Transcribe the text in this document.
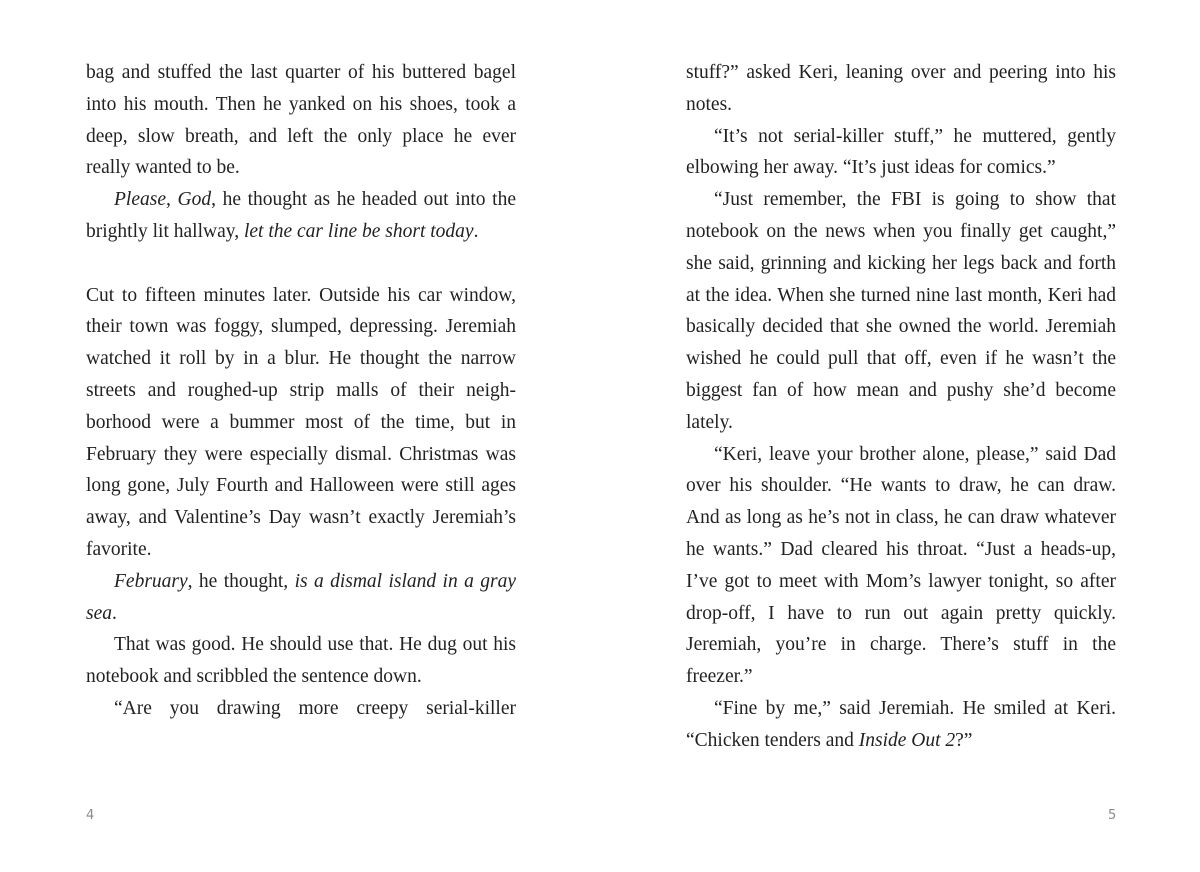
bag and stuffed the last quarter of his buttered bagel into his mouth. Then he yanked on his shoes, took a deep, slow breath, and left the only place he ever really wanted to be.

Please, God, he thought as he headed out into the brightly lit hallway, let the car line be short today.

Cut to fifteen minutes later. Outside his car window, their town was foggy, slumped, depressing. Jeremiah watched it roll by in a blur. He thought the narrow streets and roughed-up strip malls of their neighborhood were a bummer most of the time, but in February they were especially dismal. Christmas was long gone, July Fourth and Halloween were still ages away, and Valentine’s Day wasn’t exactly Jeremiah’s favorite.

February, he thought, is a dismal island in a gray sea.

That was good. He should use that. He dug out his notebook and scribbled the sentence down.

“Are you drawing more creepy serial-killer

stuff?” asked Keri, leaning over and peering into his notes.

“It’s not serial-killer stuff,” he muttered, gently elbowing her away. “It’s just ideas for comics.”

“Just remember, the FBI is going to show that notebook on the news when you finally get caught,” she said, grinning and kicking her legs back and forth at the idea. When she turned nine last month, Keri had basically decided that she owned the world. Jeremiah wished he could pull that off, even if he wasn’t the biggest fan of how mean and pushy she’d become lately.

“Keri, leave your brother alone, please,” said Dad over his shoulder. “He wants to draw, he can draw. And as long as he’s not in class, he can draw whatever he wants.” Dad cleared his throat. “Just a heads-up, I’ve got to meet with Mom’s lawyer tonight, so after drop-off, I have to run out again pretty quickly. Jeremiah, you’re in charge. There’s stuff in the freezer.”

“Fine by me,” said Jeremiah. He smiled at Keri. “Chicken tenders and Inside Out 2?”

4	5
